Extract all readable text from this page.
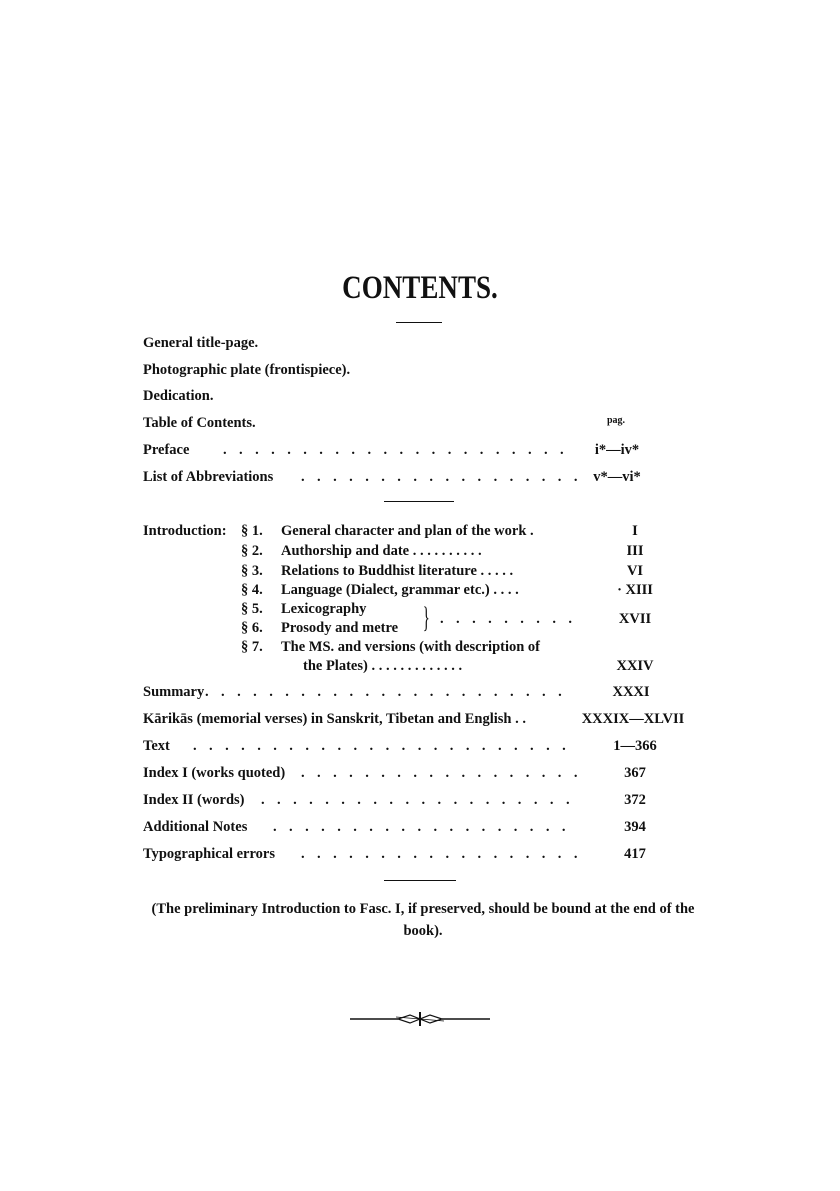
CONTENTS.
General title-page.
Photographic plate (frontispiece).
Dedication.
Table of Contents.	pag.
Preface . . . . . . . . . . . . . . . . . . . . . .	i*—iv*
List of Abbreviations . . . . . . . . . . . . . . . . . . v*—vi*
Introduction: § 1. General character and plan of the work .	I
§ 2. Authorship and date . . . . . . . . . .	III
§ 3. Relations to Buddhist literature . . . . .	VI
§ 4. Language (Dialect, grammar etc.) . . . .	· XIII
§ 5. Lexicography
§ 6. Prosody and metre } . . . . . . . . .	XVII
§ 7. The MS. and versions (with description of
the Plates) . . . . . . . . . . . . .	XXIV
Summary . . . . . . . . . . . . . . . . . . . . . . .	XXXI
Kārikās (memorial verses) in Sanskrit, Tibetan and English . .	XXXIX—XLVII
Text . . . . . . . . . . . . . . . . . . . . . . . .	1—366
Index I (works quoted) . . . . . . . . . . . . . . . . . .	367
Index II (words) . . . . . . . . . . . . . . . . . . . .	372
Additional Notes . . . . . . . . . . . . . . . . . . .	394
Typographical errors . . . . . . . . . . . . . . . . . .	417
(The preliminary Introduction to Fasc. I, if preserved, should be bound at the end of the book).
